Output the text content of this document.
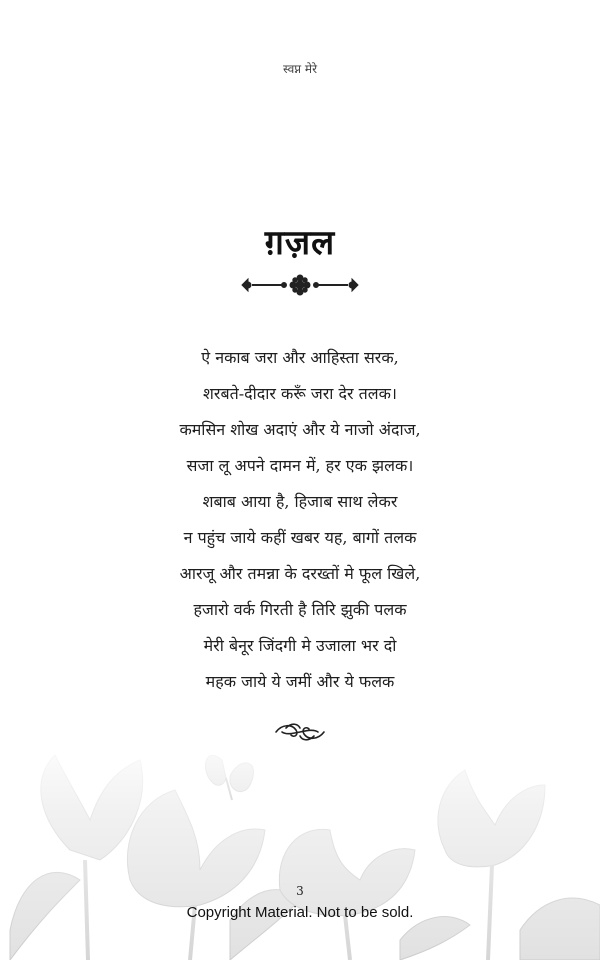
स्वप्न मेरे
ग़ज़ल
ऐ नकाब जरा और आहिस्ता सरक,
शरबते-दीदार करूँ जरा देर तलक।
कमसिन शोख अदाएं और ये नाजो अंदाज,
सजा लू अपने दामन में, हर एक झलक।
शबाब आया है, हिजाब साथ लेकर
न पहुंच जाये कहीं खबर यह, बागों तलक
आरजू और तमन्ना के दरख्तों मे फूल खिले,
हजारो वर्क गिरती है तिरि झुकी पलक
मेरी बेनूर जिंदगी मे उजाला भर दो
महक जाये ये जमीं और ये फलक
3
Copyright Material. Not to be sold.
